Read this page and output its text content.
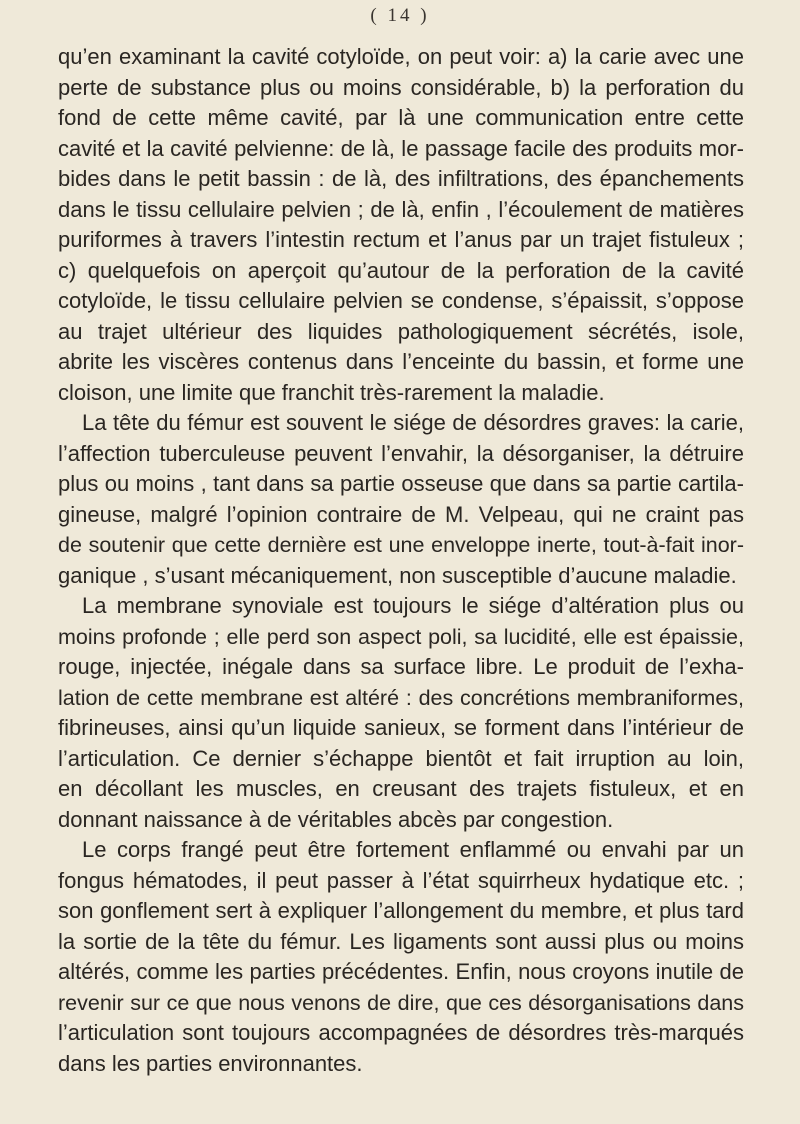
( 14 )
qu’en examinant la cavité cotyloïde, on peut voir: a) la carie avec une
perte de substance plus ou moins considérable, b) la perforation du
fond de cette même cavité, par là une communication entre cette
cavité et la cavité pelvienne: de là, le passage facile des produits mor-
bides dans le petit bassin : de là, des infiltrations, des épanchements
dans le tissu cellulaire pelvien ; de là, enfin , l’écoulement de matières
puriformes à travers l’intestin rectum et l’anus par un trajet fistuleux ;
c) quelquefois on aperçoit qu’autour de la perforation de la cavité
cotyloïde, le tissu cellulaire pelvien se condense, s’épaissit, s’oppose
au trajet ultérieur des liquides pathologiquement sécrétés, isole,
abrite les viscères contenus dans l’enceinte du bassin, et forme une
cloison, une limite que franchit très-rarement la maladie.
La tête du fémur est souvent le siége de désordres graves: la carie,
l’affection tuberculeuse peuvent l’envahir, la désorganiser, la détruire
plus ou moins , tant dans sa partie osseuse que dans sa partie cartila-
gineuse, malgré l’opinion contraire de M. Velpeau, qui ne craint pas
de soutenir que cette dernière est une enveloppe inerte, tout-à-fait inor-
ganique , s’usant mécaniquement, non susceptible d’aucune maladie.
La membrane synoviale est toujours le siége d’altération plus ou
moins profonde ; elle perd son aspect poli, sa lucidité, elle est épaissie,
rouge, injectée, inégale dans sa surface libre. Le produit de l’exha-
lation de cette membrane est altéré : des concrétions membraniformes,
fibrineuses, ainsi qu’un liquide sanieux, se forment dans l’intérieur de
l’articulation. Ce dernier s’échappe bientôt et fait irruption au loin,
en décollant les muscles, en creusant des trajets fistuleux, et en
donnant naissance à de véritables abcès par congestion.
Le corps frangé peut être fortement enflammé ou envahi par un
fongus hématodes, il peut passer à l’état squirrheux hydatique etc. ;
son gonflement sert à expliquer l’allongement du membre, et plus tard
la sortie de la tête du fémur. Les ligaments sont aussi plus ou moins
altérés, comme les parties précédentes. Enfin, nous croyons inutile de
revenir sur ce que nous venons de dire, que ces désorganisations dans
l’articulation sont toujours accompagnées de désordres très-marqués
dans les parties environnantes.
